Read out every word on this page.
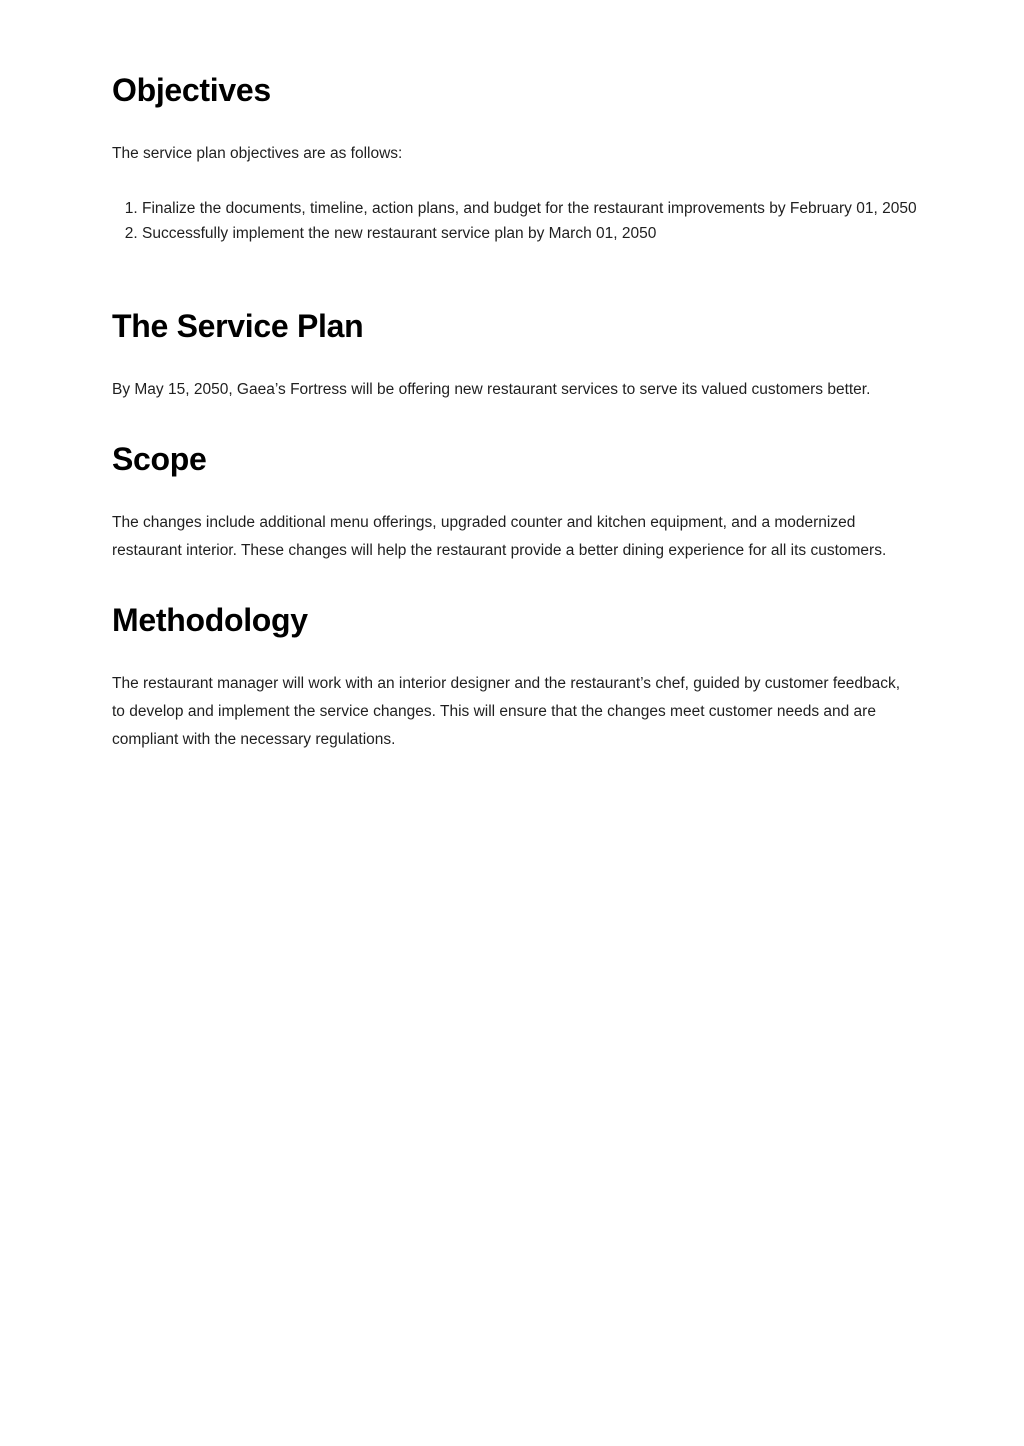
Objectives

The service plan objectives are as follows:

1. Finalize the documents, timeline, action plans, and budget for the restaurant improvements by February 01, 2050
2. Successfully implement the new restaurant service plan by March 01, 2050
The Service Plan

By May 15, 2050, Gaea’s Fortress will be offering new restaurant services to serve its valued customers better.

Scope

The changes include additional menu offerings, upgraded counter and kitchen equipment, and a modernized restaurant interior. These changes will help the restaurant provide a better dining experience for all its customers.

Methodology

The restaurant manager will work with an interior designer and the restaurant’s chef, guided by customer feedback, to develop and implement the service changes. This will ensure that the changes meet customer needs and are compliant with the necessary regulations.
